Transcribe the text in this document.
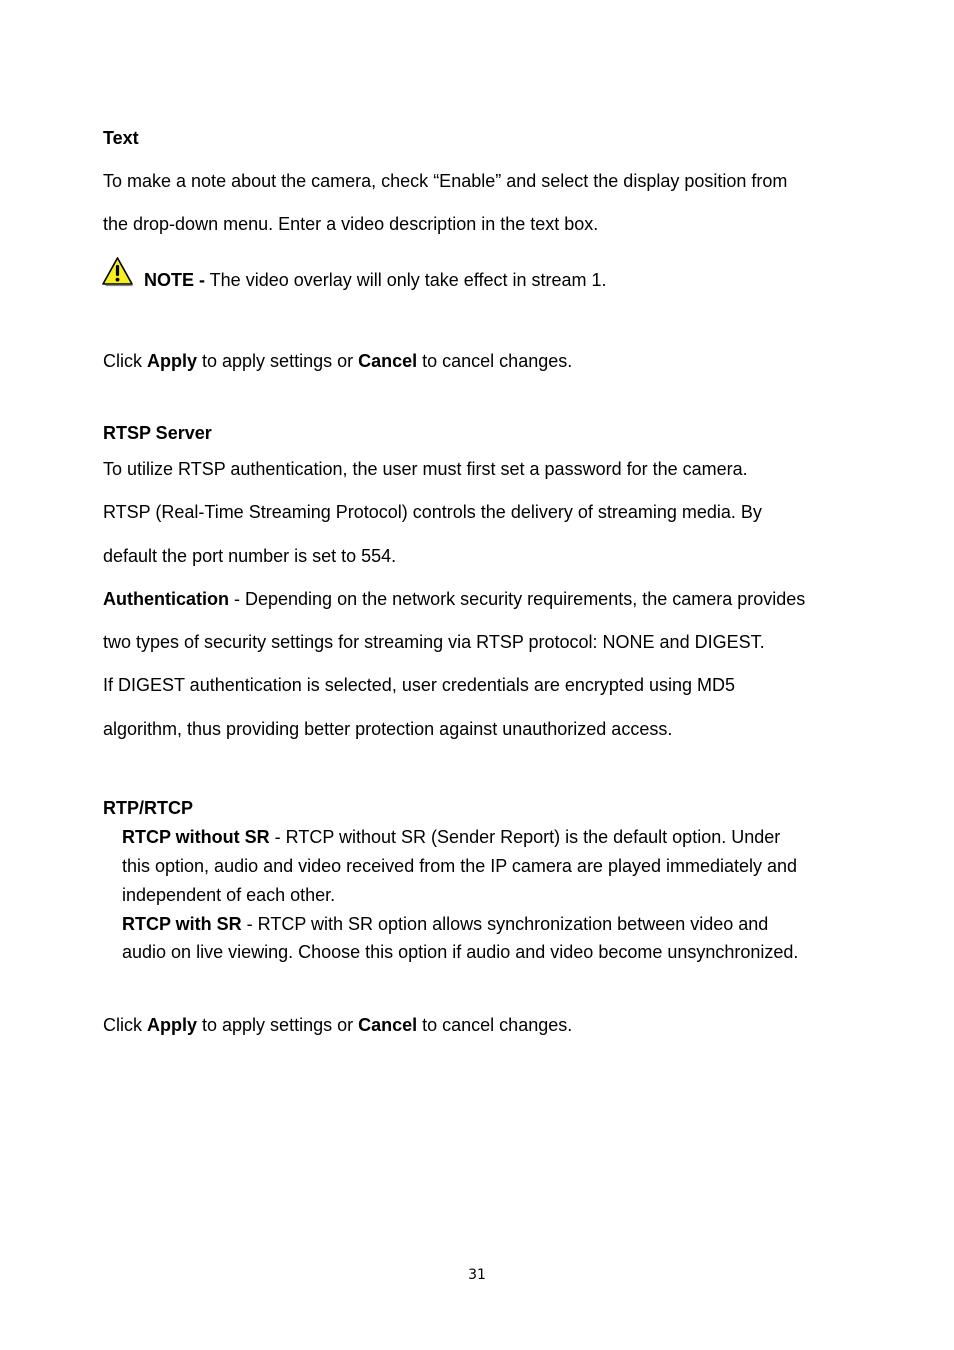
Text
To make a note about the camera, check “Enable” and select the display position from
the drop-down menu. Enter a video description in the text box.
NOTE - The video overlay will only take effect in stream 1.
Click Apply to apply settings or Cancel to cancel changes.
RTSP Server
To utilize RTSP authentication, the user must first set a password for the camera.
RTSP (Real-Time Streaming Protocol) controls the delivery of streaming media. By
default the port number is set to 554.
Authentication - Depending on the network security requirements, the camera provides
two types of security settings for streaming via RTSP protocol: NONE and DIGEST.
If DIGEST authentication is selected, user credentials are encrypted using MD5
algorithm, thus providing better protection against unauthorized access.
RTP/RTCP
RTCP without SR - RTCP without SR (Sender Report) is the default option. Under
this option, audio and video received from the IP camera are played immediately and
independent of each other.
RTCP with SR - RTCP with SR option allows synchronization between video and
audio on live viewing. Choose this option if audio and video become unsynchronized.
Click Apply to apply settings or Cancel to cancel changes.
31
